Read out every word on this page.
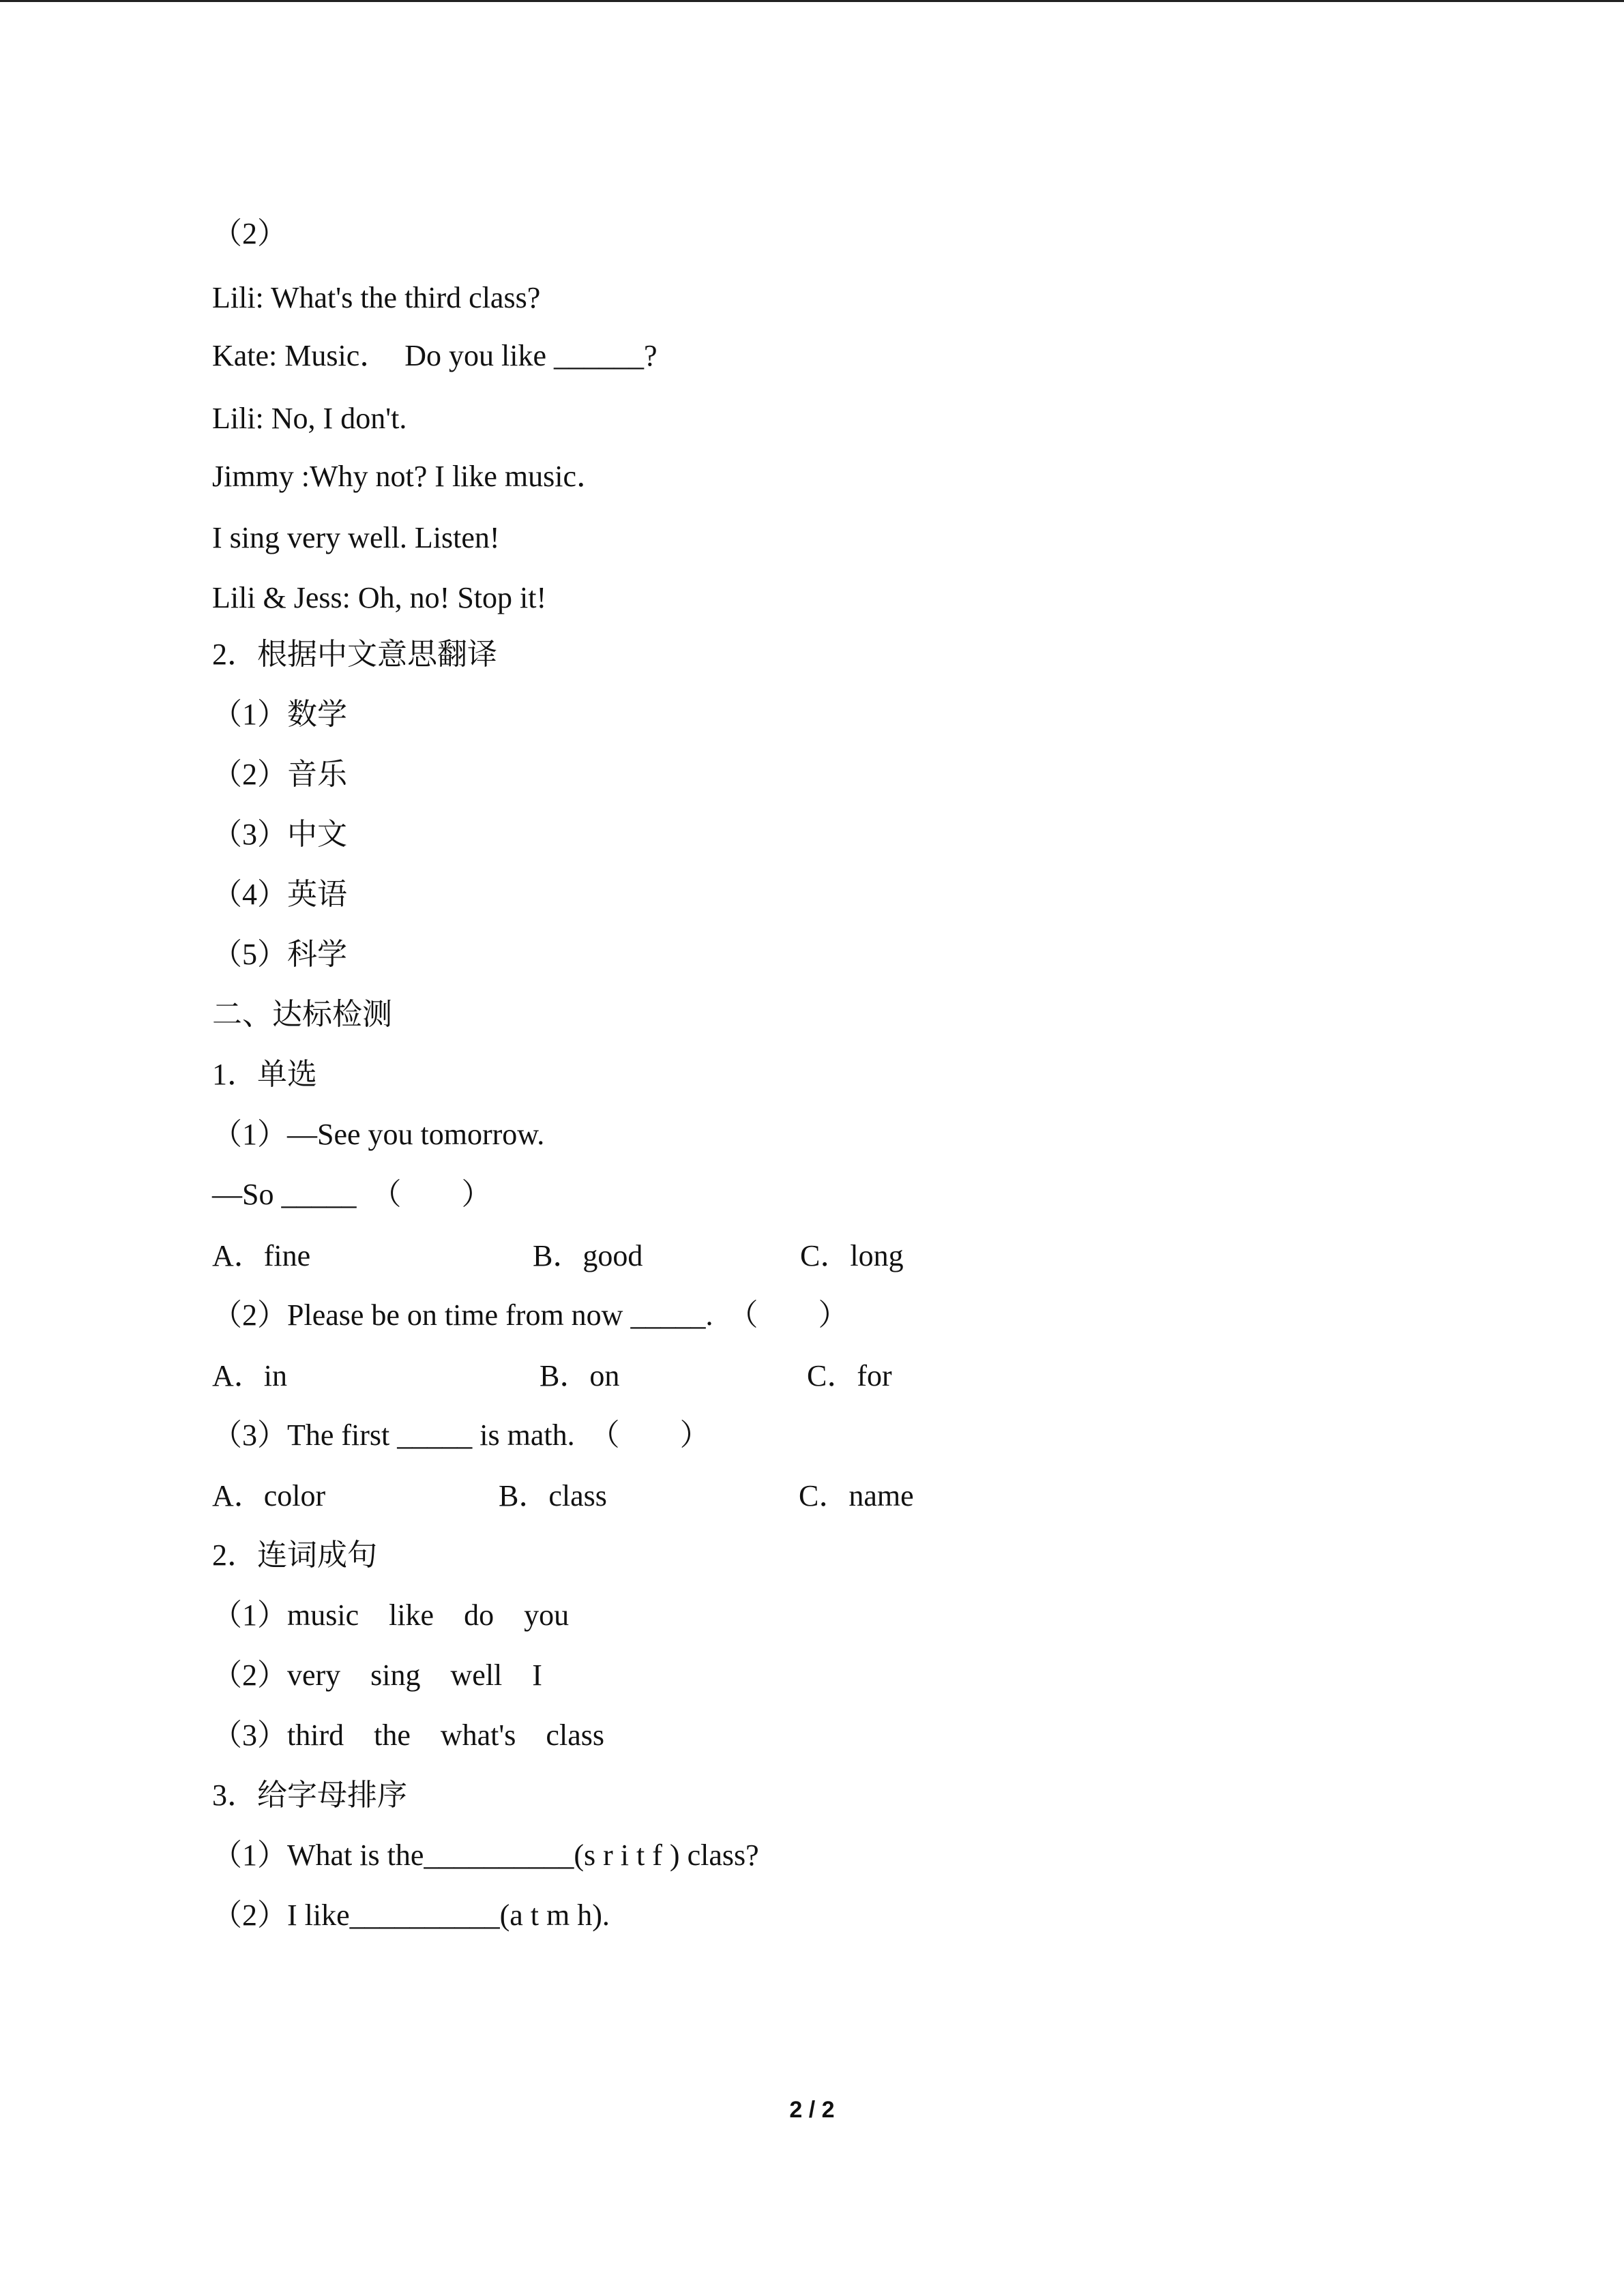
（2）
Lili: What's the third class?
Kate: Music．　Do you like ______?
Lili: No, I don't.
Jimmy :Why not? I like music．
I sing very well. Listen!
Lili & Jess: Oh, no! Stop it!
2．根据中文意思翻译
（1）数学
（2）音乐
（3）中文
（4）英语
（5）科学
二、达标检测
1．单选
（1）—See you tomorrow.
—So _____　（　　）
A．fine	B．good	C．long
（2）Please be on time from now _____.　（　　）
A．in	B．on	C．for
（3）The first _____ is math.　（　　）
A．color	B．class	C．name
2．连词成句
（1）music　like　do　you
（2）very　sing　well　I
（3）third　the　what's　class
3．给字母排序
（1）What is the__________(s r i t f ) class?
（2）I like__________(a t m h).
2 / 2
